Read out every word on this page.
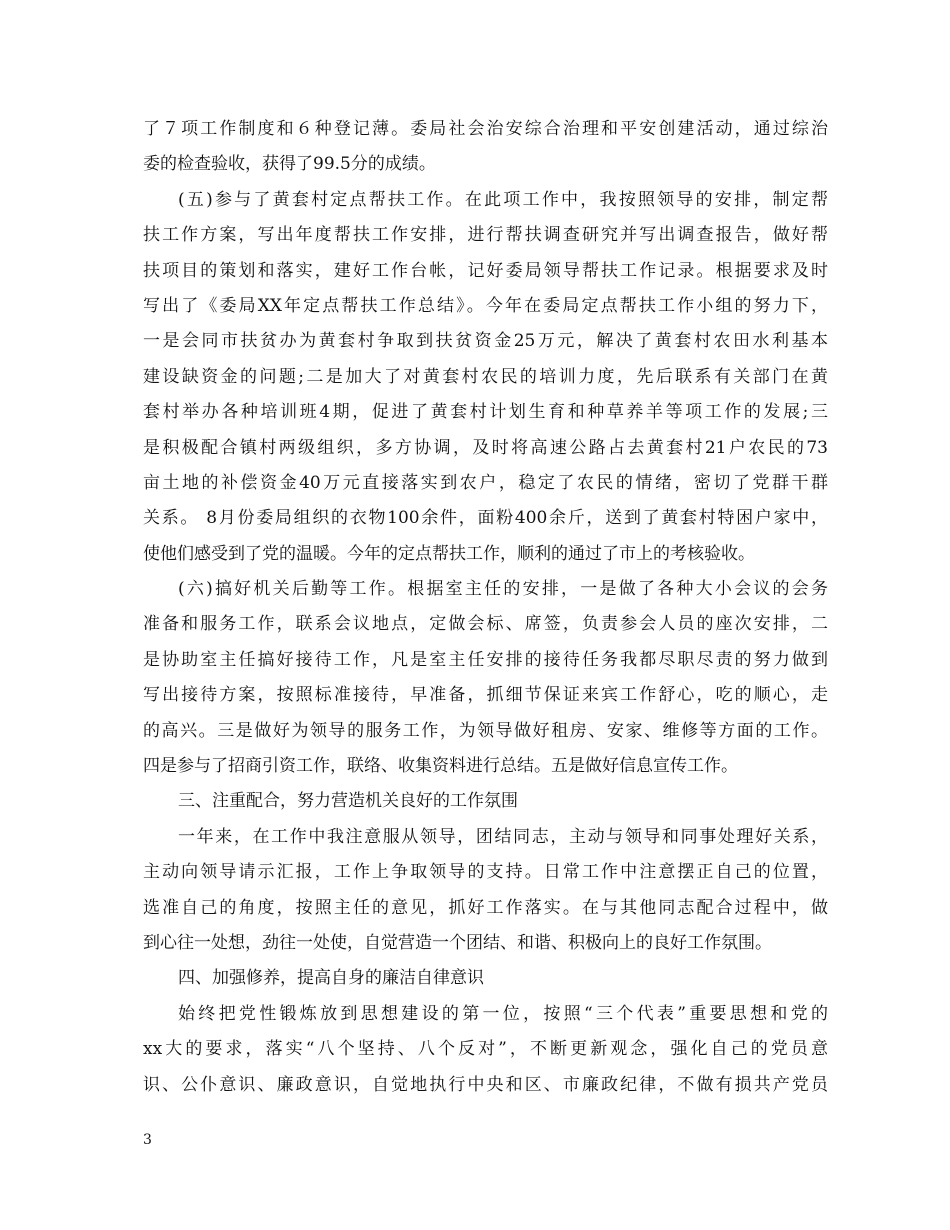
了７项工作制度和６种登记薄。委局社会治安综合治理和平安创建活动，通过综治
委的检查验收，获得了99.5分的成绩。
(五)参与了黄套村定点帮扶工作。在此项工作中，我按照领导的安排，制定帮
扶工作方案，写出年度帮扶工作安排，进行帮扶调查研究并写出调查报告，做好帮
扶项目的策划和落实，建好工作台帐，记好委局领导帮扶工作记录。根据要求及时
写出了《委局XX年定点帮扶工作总结》。今年在委局定点帮扶工作小组的努力下，
一是会同市扶贫办为黄套村争取到扶贫资金25万元，解决了黄套村农田水利基本
建设缺资金的问题;二是加大了对黄套村农民的培训力度，先后联系有关部门在黄
套村举办各种培训班4期，促进了黄套村计划生育和种草养羊等项工作的发展;三
是积极配合镇村两级组织，多方协调，及时将高速公路占去黄套村21户农民的73
亩土地的补偿资金40万元直接落实到农户，稳定了农民的情绪，密切了党群干群
关系。 8月份委局组织的衣物100余件，面粉400余斤，送到了黄套村特困户家中，
使他们感受到了党的温暖。今年的定点帮扶工作，顺利的通过了市上的考核验收。
(六)搞好机关后勤等工作。根据室主任的安排，一是做了各种大小会议的会务
准备和服务工作，联系会议地点，定做会标、席签，负责参会人员的座次安排，二
是协助室主任搞好接待工作，凡是室主任安排的接待任务我都尽职尽责的努力做到
写出接待方案，按照标准接待，早准备，抓细节保证来宾工作舒心，吃的顺心，走
的高兴。三是做好为领导的服务工作，为领导做好租房、安家、维修等方面的工作。
四是参与了招商引资工作，联络、收集资料进行总结。五是做好信息宣传工作。
三、注重配合，努力营造机关良好的工作氛围
一年来，在工作中我注意服从领导，团结同志，主动与领导和同事处理好关系，
主动向领导请示汇报，工作上争取领导的支持。日常工作中注意摆正自己的位置，
选准自己的角度，按照主任的意见，抓好工作落实。在与其他同志配合过程中，做
到心往一处想，劲往一处使，自觉营造一个团结、和谐、积极向上的良好工作氛围。
四、加强修养，提高自身的廉洁自律意识
始终把党性锻炼放到思想建设的第一位，按照“三个代表”重要思想和党的
xx大的要求，落实“八个坚持、八个反对”，不断更新观念，强化自己的党员意
识、公仆意识、廉政意识，自觉地执行中央和区、市廉政纪律，不做有损共产党员
3
